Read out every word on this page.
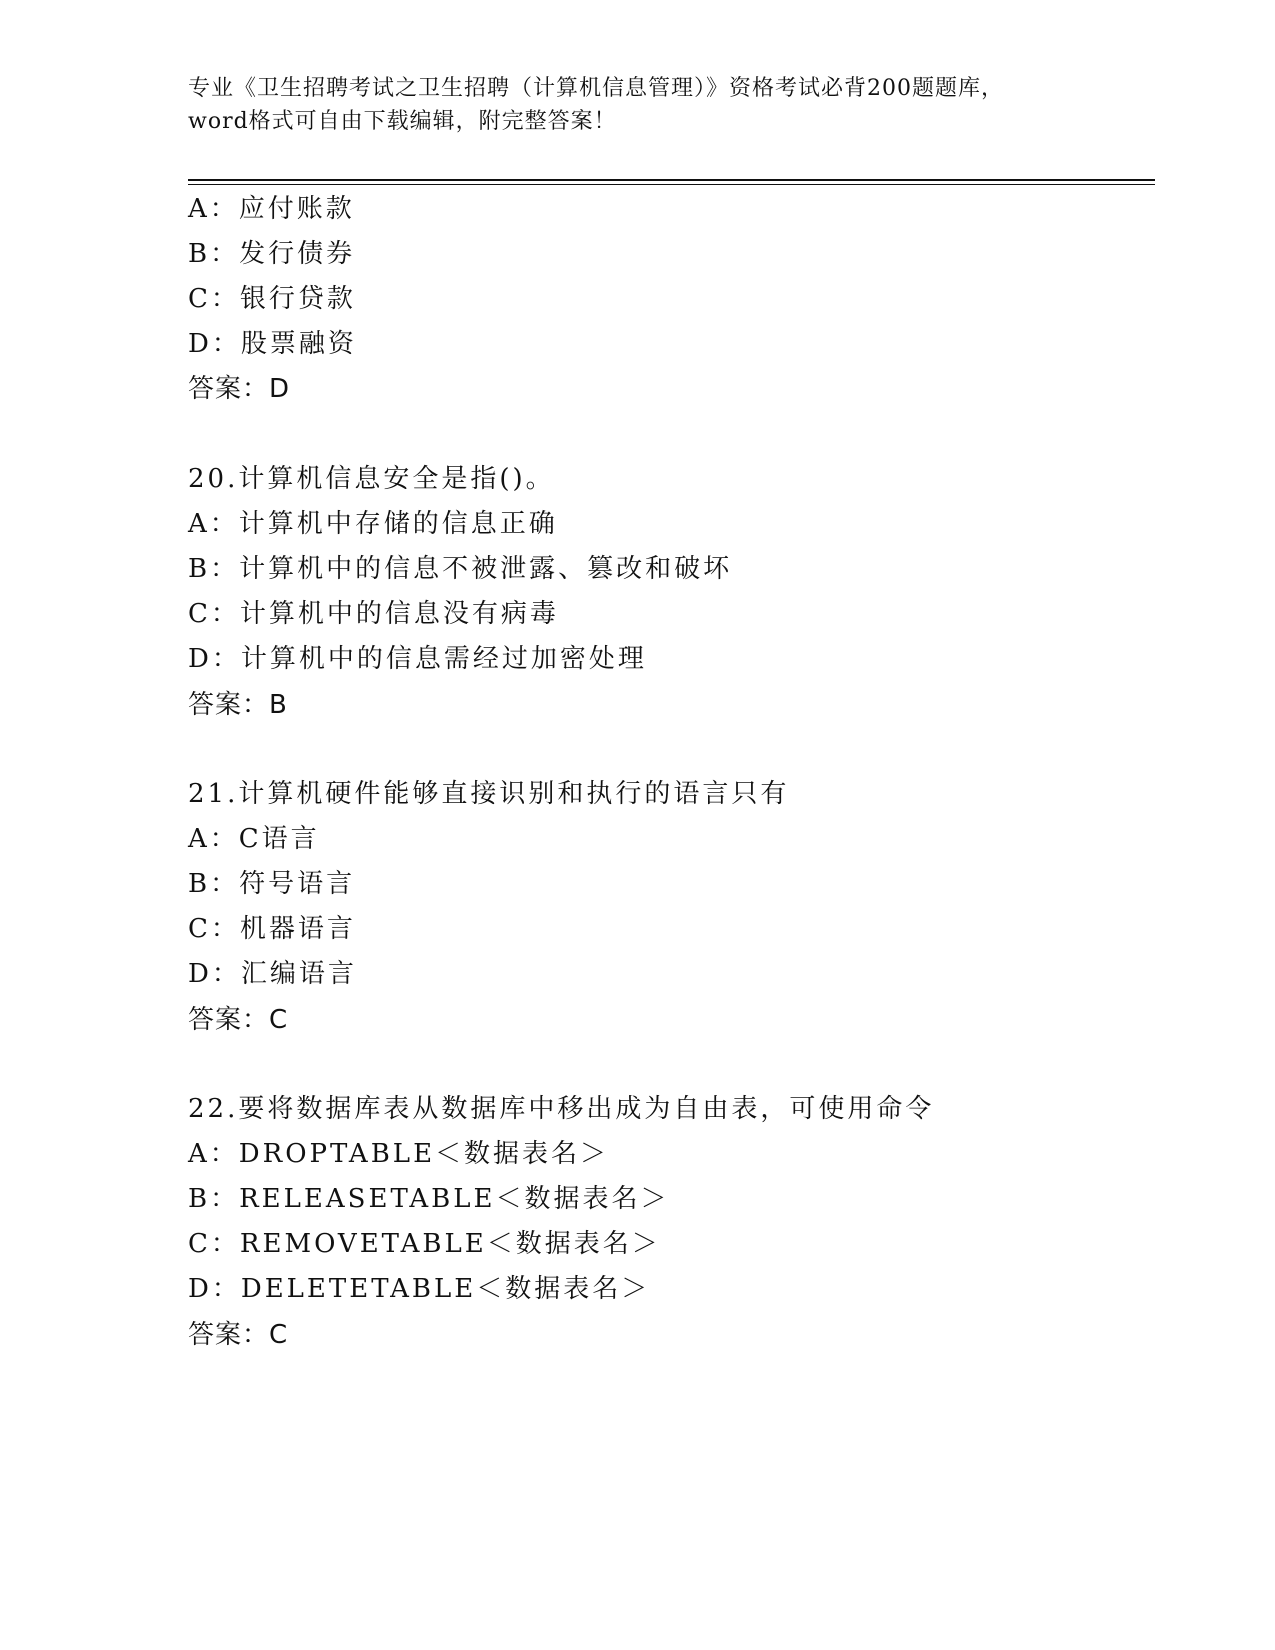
专业《卫生招聘考试之卫生招聘（计算机信息管理）》资格考试必背200题题库，
word格式可自由下载编辑，附完整答案！
A：应付账款
B：发行债券
C：银行贷款
D：股票融资
答案：D
20.计算机信息安全是指()。
A：计算机中存储的信息正确
B：计算机中的信息不被泄露、篡改和破坏
C：计算机中的信息没有病毒
D：计算机中的信息需经过加密处理
答案：B
21.计算机硬件能够直接识别和执行的语言只有
A：C语言
B：符号语言
C：机器语言
D：汇编语言
答案：C
22.要将数据库表从数据库中移出成为自由表，可使用命令
A：DROPTABLE＜数据表名＞
B：RELEASETABLE＜数据表名＞
C：REMOVETABLE＜数据表名＞
D：DELETETABLE＜数据表名＞
答案：C
